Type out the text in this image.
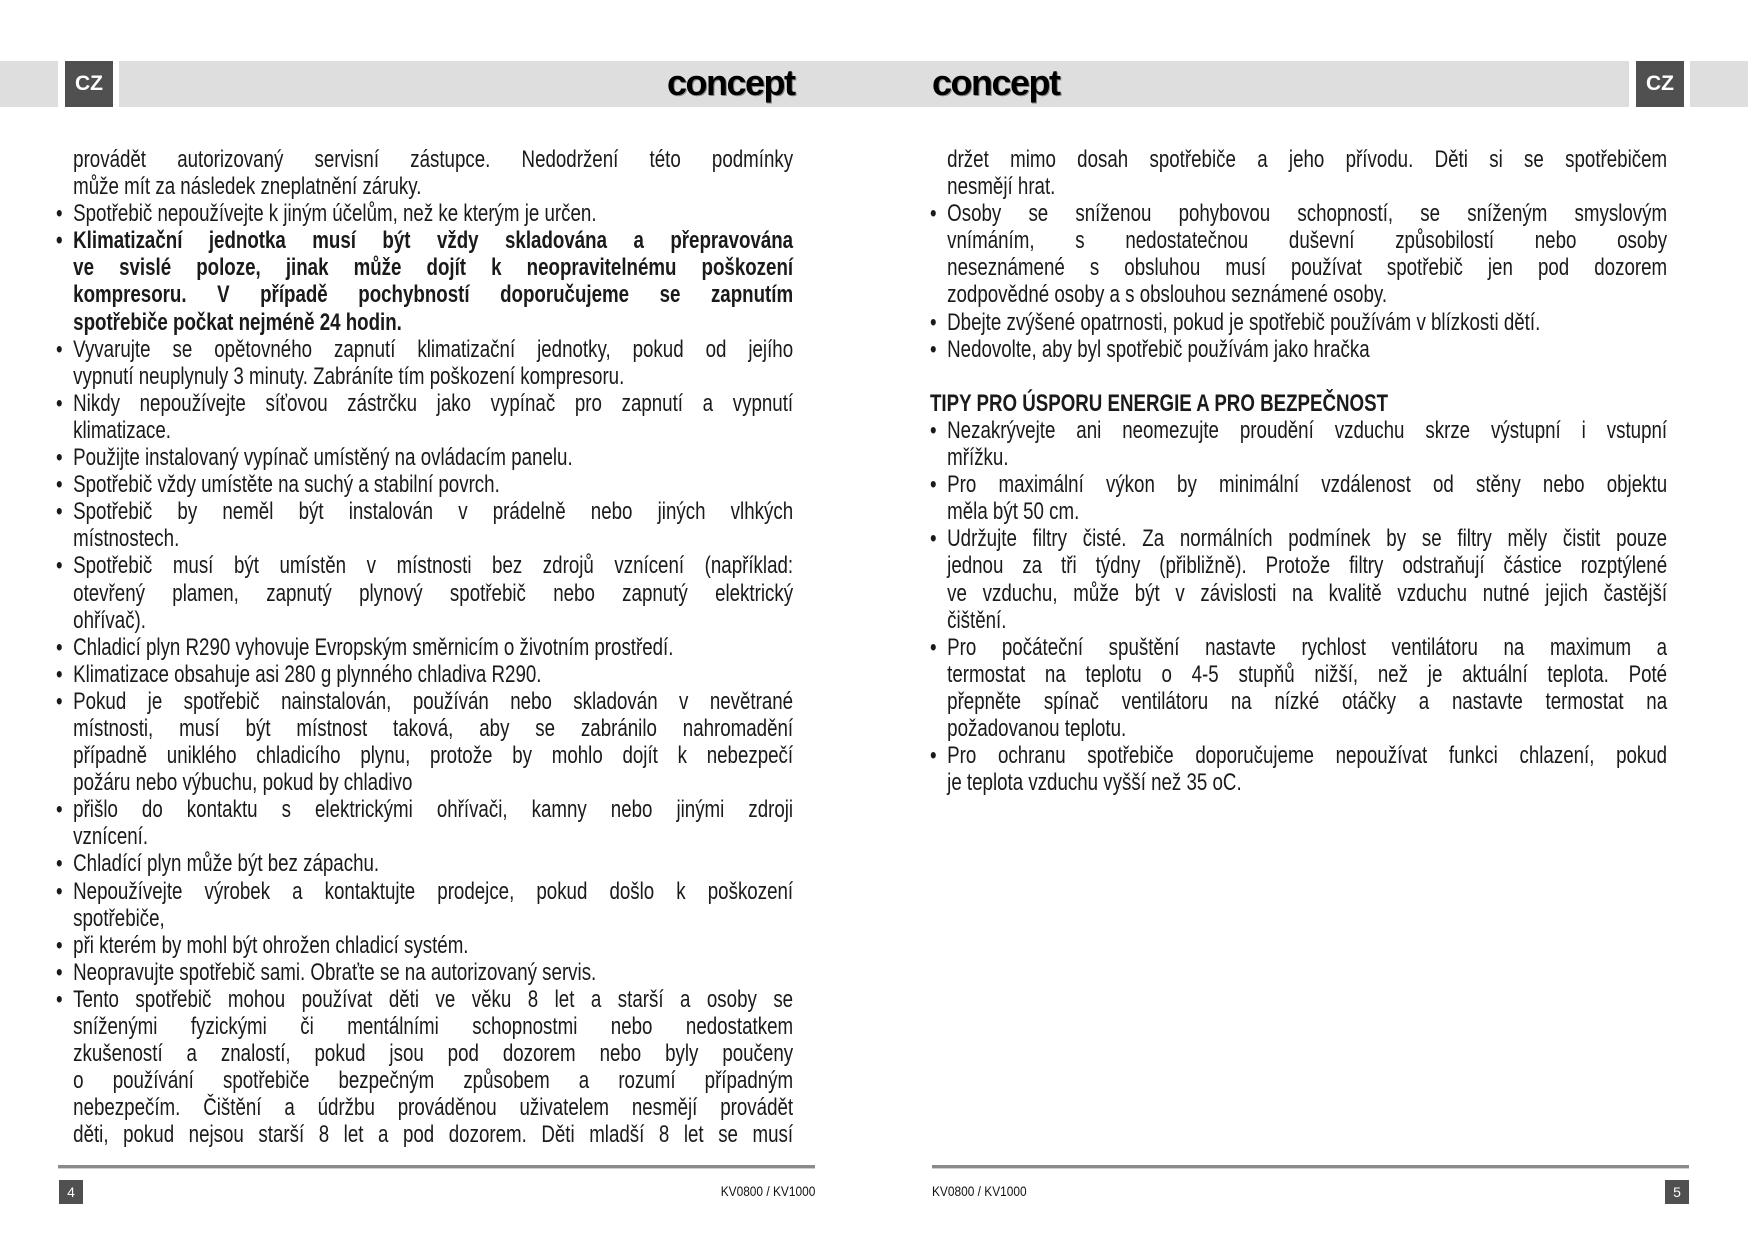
CZ	CZ
concept	concept
provádět autorizovaný servisní zástupce. Nedodržení této podmínky
může mít za následek zneplatnění záruky.
• Spotřebič nepoužívejte k jiným účelům, než ke kterým je určen.
• Klimatizační jednotka musí být vždy skladována a přepravována
ve svislé poloze, jinak může dojít k neopravitelnému poškození
kompresoru. V případě pochybností doporučujeme se zapnutím
spotřebiče počkat nejméně 24 hodin.
• Vyvarujte se opětovného zapnutí klimatizační jednotky, pokud od jejího
vypnutí neuplynuly 3 minuty. Zabráníte tím poškození kompresoru.
• Nikdy nepoužívejte síťovou zástrčku jako vypínač pro zapnutí a vypnutí
klimatizace.
• Použijte instalovaný vypínač umístěný na ovládacím panelu.
• Spotřebič vždy umístěte na suchý a stabilní povrch.
• Spotřebič by neměl být instalován v prádelně nebo jiných vlhkých
místnostech.
• Spotřebič musí být umístěn v místnosti bez zdrojů vznícení (například:
otevřený plamen, zapnutý plynový spotřebič nebo zapnutý elektrický
ohřívač).
• Chladicí plyn R290 vyhovuje Evropským směrnicím o životním prostředí.
• Klimatizace obsahuje asi 280 g plynného chladiva R290.
• Pokud je spotřebič nainstalován, používán nebo skladován v nevětrané
místnosti, musí být místnost taková, aby se zabránilo nahromadění
případně uniklého chladicího plynu, protože by mohlo dojít k nebezpečí
požáru nebo výbuchu, pokud by chladivo
• přišlo do kontaktu s elektrickými ohřívači, kamny nebo jinými zdroji
vznícení.
• Chladící plyn může být bez zápachu.
• Nepoužívejte výrobek a kontaktujte prodejce, pokud došlo k poškození
spotřebiče,
• při kterém by mohl být ohrožen chladicí systém.
• Neopravujte spotřebič sami. Obraťte se na autorizovaný servis.
• Tento spotřebič mohou používat děti ve věku 8 let a starší a osoby se
sníženými fyzickými či mentálními schopnostmi nebo nedostatkem
zkušeností a znalostí, pokud jsou pod dozorem nebo byly poučeny
o používání spotřebiče bezpečným způsobem a rozumí případným
nebezpečím. Čištění a údržbu prováděnou uživatelem nesmějí provádět
děti, pokud nejsou starší 8 let a pod dozorem. Děti mladší 8 let se musí
držet mimo dosah spotřebiče a jeho přívodu. Děti si se spotřebičem
nesmějí hrat.
• Osoby se sníženou pohybovou schopností, se sníženým smyslovým
vnímáním, s nedostatečnou duševní způsobilostí nebo osoby
neseznámené s obsluhou musí používat spotřebič jen pod dozorem
zodpovědné osoby a s obslouhou seznámené osoby.
• Dbejte zvýšené opatrnosti, pokud je spotřebič používám v blízkosti dětí.
• Nedovolte, aby byl spotřebič používám jako hračka
TIPY PRO ÚSPORU ENERGIE A PRO BEZPEČNOST
• Nezakrývejte ani neomezujte proudění vzduchu skrze výstupní i vstupní
mřížku.
• Pro maximální výkon by minimální vzdálenost od stěny nebo objektu
měla být 50 cm.
• Udržujte filtry čisté. Za normálních podmínek by se filtry měly čistit pouze
jednou za tři týdny (přibližně). Protože filtry odstraňují částice rozptýlené
ve vzduchu, může být v závislosti na kvalitě vzduchu nutné jejich častější
čištění.
• Pro počáteční spuštění nastavte rychlost ventilátoru na maximum a
termostat na teplotu o 4-5 stupňů nižší, než je aktuální teplota. Poté
přepněte spínač ventilátoru na nízké otáčky a nastavte termostat na
požadovanou teplotu.
• Pro ochranu spotřebiče doporučujeme nepoužívat funkci chlazení, pokud
je teplota vzduchu vyšší než 35 oC.
4	5
KV0800 / KV1000	KV0800 / KV1000
